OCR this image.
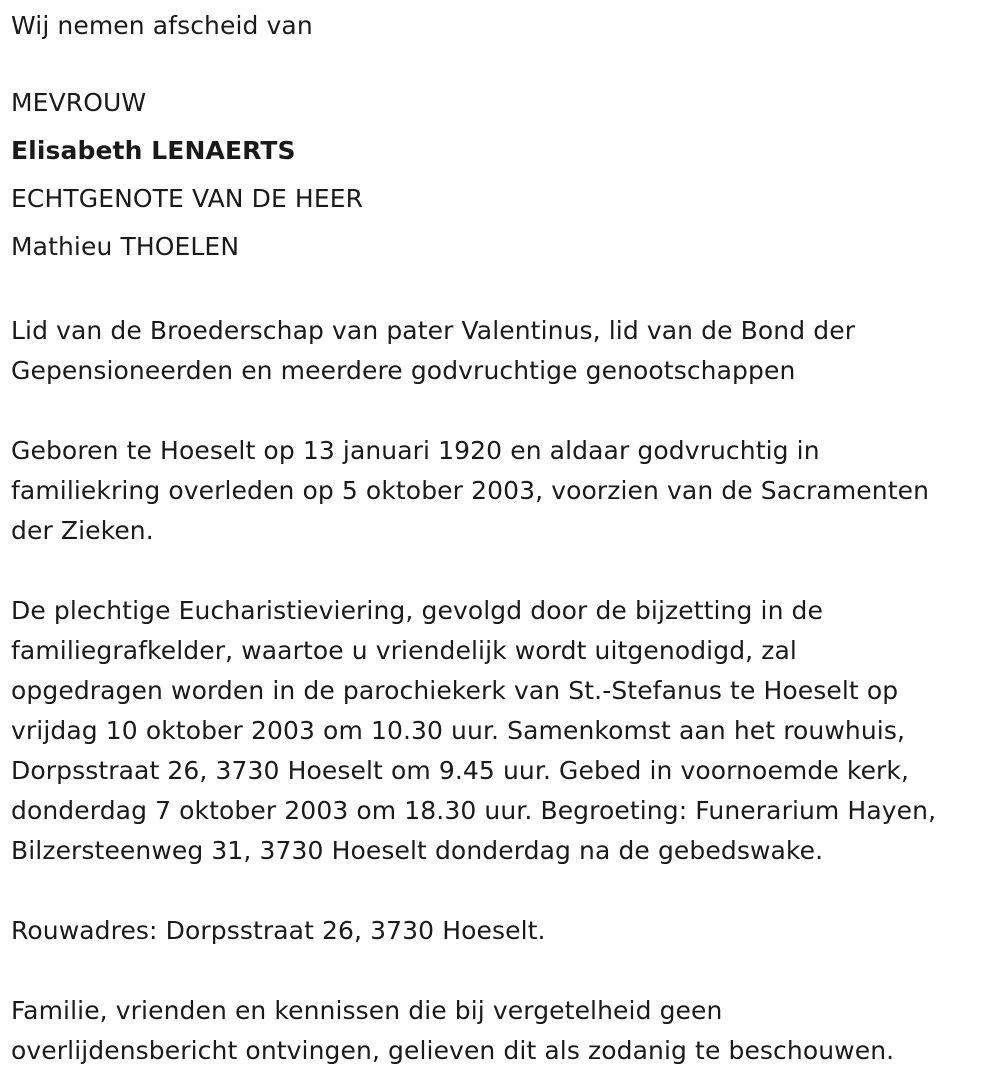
Wij nemen afscheid van

MEVROUW

Elisabeth LENAERTS

ECHTGENOTE VAN DE HEER

Mathieu THOELEN

Lid van de Broederschap van pater Valentinus, lid van de Bond der

Gepensioneerden en meerdere godvruchtige genootschappen

Geboren te Hoeselt op 13 januari 1920 en aldaar godvruchtig in

familiekring overleden op 5 oktober 2003, voorzien van de Sacramenten

der Zieken.

De plechtige Eucharistieviering, gevolgd door de bijzetting in de

familiegrafkelder, waartoe u vriendelijk wordt uitgenodigd, zal

opgedragen worden in de parochiekerk van St.-Stefanus te Hoeselt op

vrijdag 10 oktober 2003 om 10.30 uur. Samenkomst aan het rouwhuis,

Dorpsstraat 26, 3730 Hoeselt om 9.45 uur. Gebed in voornoemde kerk,

donderdag 7 oktober 2003 om 18.30 uur. Begroeting: Funerarium Hayen,

Bilzersteenweg 31, 3730 Hoeselt donderdag na de gebedswake.

Rouwadres: Dorpsstraat 26, 3730 Hoeselt.

Familie, vrienden en kennissen die bij vergetelheid geen

overlijdensbericht ontvingen, gelieven dit als zodanig te beschouwen.
